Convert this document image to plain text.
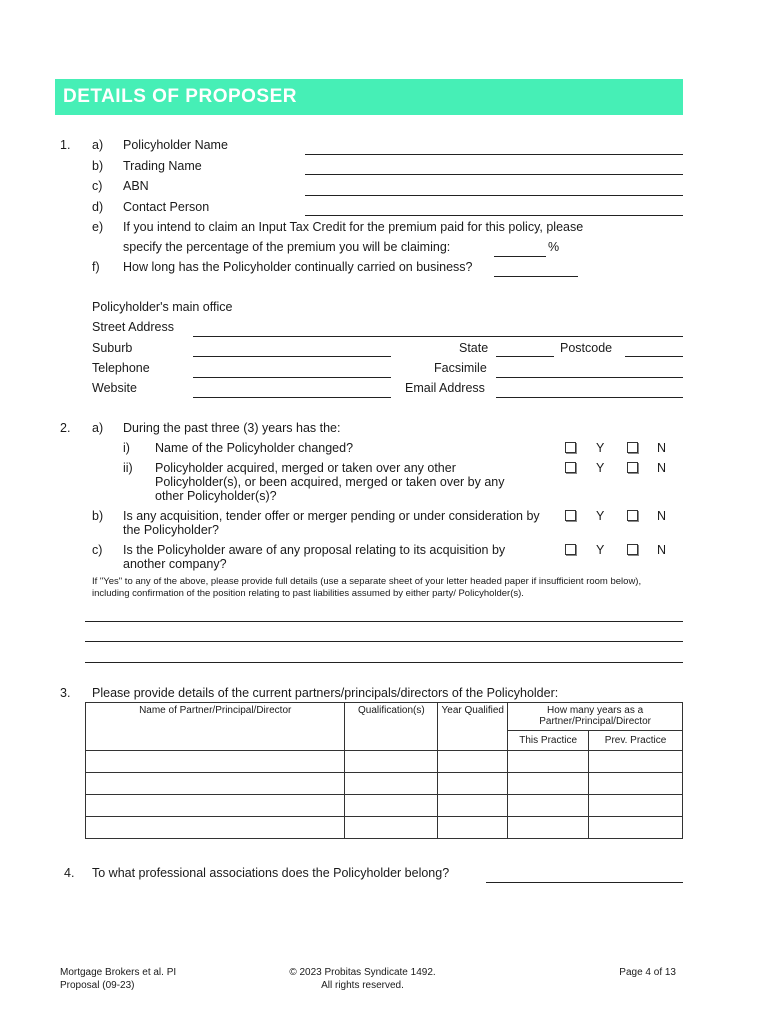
DETAILS OF PROPOSER
1. a) Policyholder Name
b) Trading Name
c) ABN
d) Contact Person
e) If you intend to claim an Input Tax Credit for the premium paid for this policy, please
specify the percentage of the premium you will be claiming:	%
f) How long has the Policyholder continually carried on business?
Policyholder's main office
Street Address
Suburb	State	Postcode
Telephone	Facsimile
Website	Email Address
2. a) During the past three (3) years has the:
i) Name of the Policyholder changed?	Y	N
ii) Policyholder acquired, merged or taken over any other Policyholder(s), or been acquired, merged or taken over by any other Policyholder(s)?
Y	N
b) Is any acquisition, tender offer or merger pending or under consideration by the Policyholder?
Y	N
c) Is the Policyholder aware of any proposal relating to its acquisition by another company?
Y	N
If "Yes" to any of the above, please provide full details (use a separate sheet of your letter headed paper if insufficient room below), including confirmation of the position relating to past liabilities assumed by either party/ Policyholder(s).
3. Please provide details of the current partners/principals/directors of the Policyholder:
Name of Partner/Principal/Director	Qualification(s)	Year Qualified	How many years as a Partner/Principal/Director	
			This Practice	Prev. Practice

4. To what professional associations does the Policyholder belong?
Mortgage Brokers et al. PI
Proposal (09-23)
© 2023 Probitas Syndicate 1492.
All rights reserved.
Page 4 of 13
